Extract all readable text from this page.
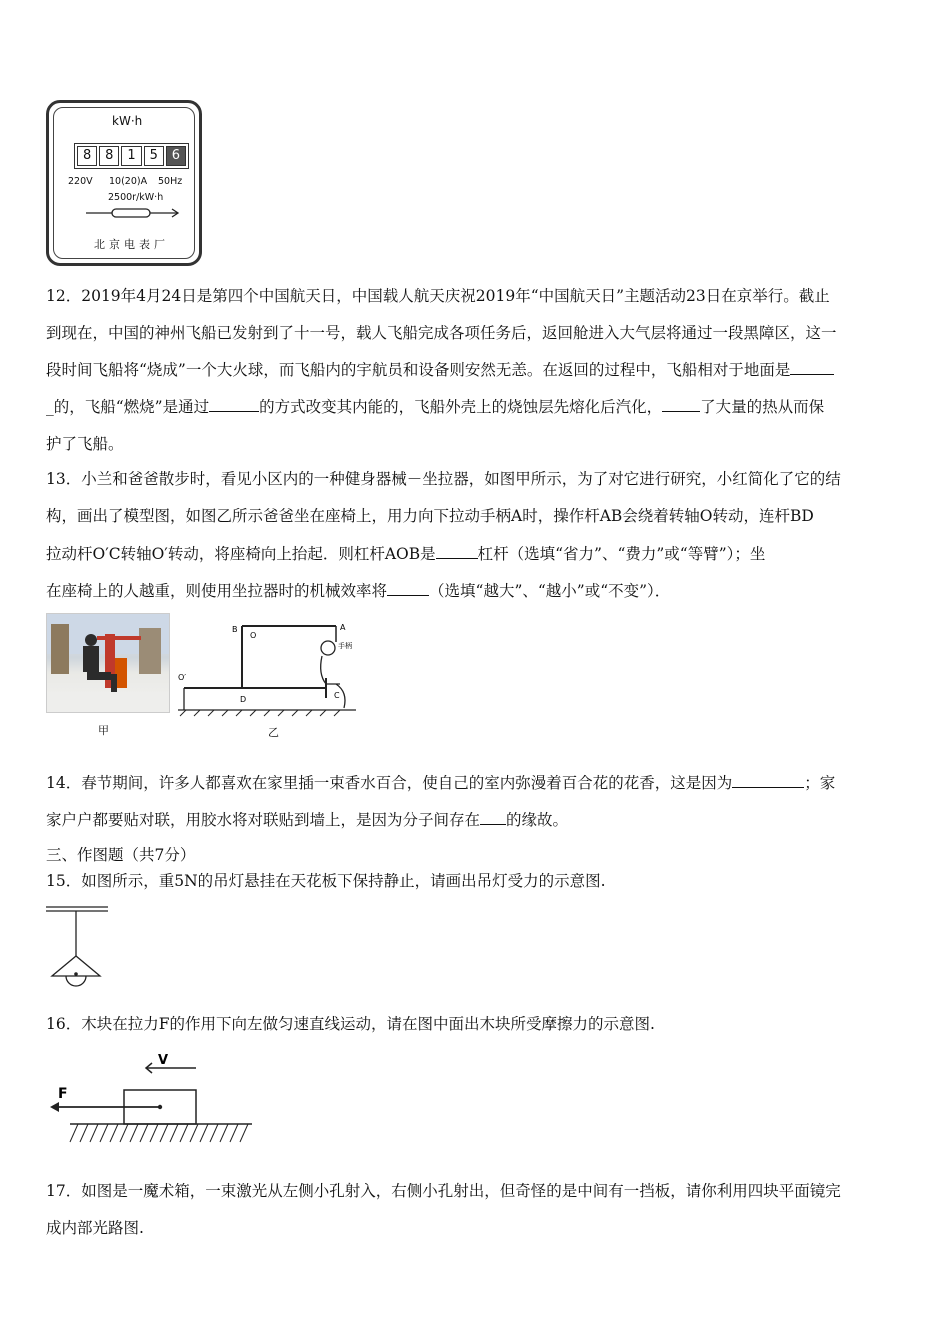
kW·h
8	8	1	5	6
220V 10(20)A 50Hz
2500r/kW·h
北京电表厂
12．2019年4月24日是第四个中国航天日，中国载人航天庆祝2019年“中国航天日”主题活动23日在京举行。截止
到现在，中国的神州飞船已发射到了十一号，载人飞船完成各项任务后，返回舱进入大气层将通过一段黑障区，这一
段时间飞船将“烧成”一个大火球，而飞船内的宇航员和设备则安然无恙。在返回的过程中，飞船相对于地面是
_的，飞船“燃烧”是通过	的方式改变其内能的，飞船外壳上的烧蚀层先熔化后汽化， 了大量的热从而保
护了飞船。
13．小兰和爸爸散步时，看见小区内的一种健身器械－坐拉器，如图甲所示，为了对它进行研究，小红简化了它的结
构，画出了模型图，如图乙所示爸爸坐在座椅上，用力向下拉动手柄A时，操作杆AB会绕着转轴O转动，连杆BD
拉动杆O′C转轴O′转动，将座椅向上抬起．则杠杆AOB是	杠杆（选填“省力”、“费力”或“等臂”）；坐
在座椅上的人越重，则使用坐拉器时的机械效率将	（选填“越大”、“越小”或“不变”）．
甲
B
O
A
手柄
O′
D	C
乙
14．春节期间，许多人都喜欢在家里插一束香水百合，使自己的室内弥漫着百合花的花香，这是因为	；家
家户户都要贴对联，用胶水将对联贴到墙上，是因为分子间存在 的缘故。
三、作图题（共7分）
15．如图所示，重5N的吊灯悬挂在天花板下保持静止，请画出吊灯受力的示意图.
16．木块在拉力F的作用下向左做匀速直线运动，请在图中面出木块所受摩擦力的示意图.
V
F
17．如图是一魔术箱，一束激光从左侧小孔射入，右侧小孔射出，但奇怪的是中间有一挡板，请你利用四块平面镜完
成内部光路图.
